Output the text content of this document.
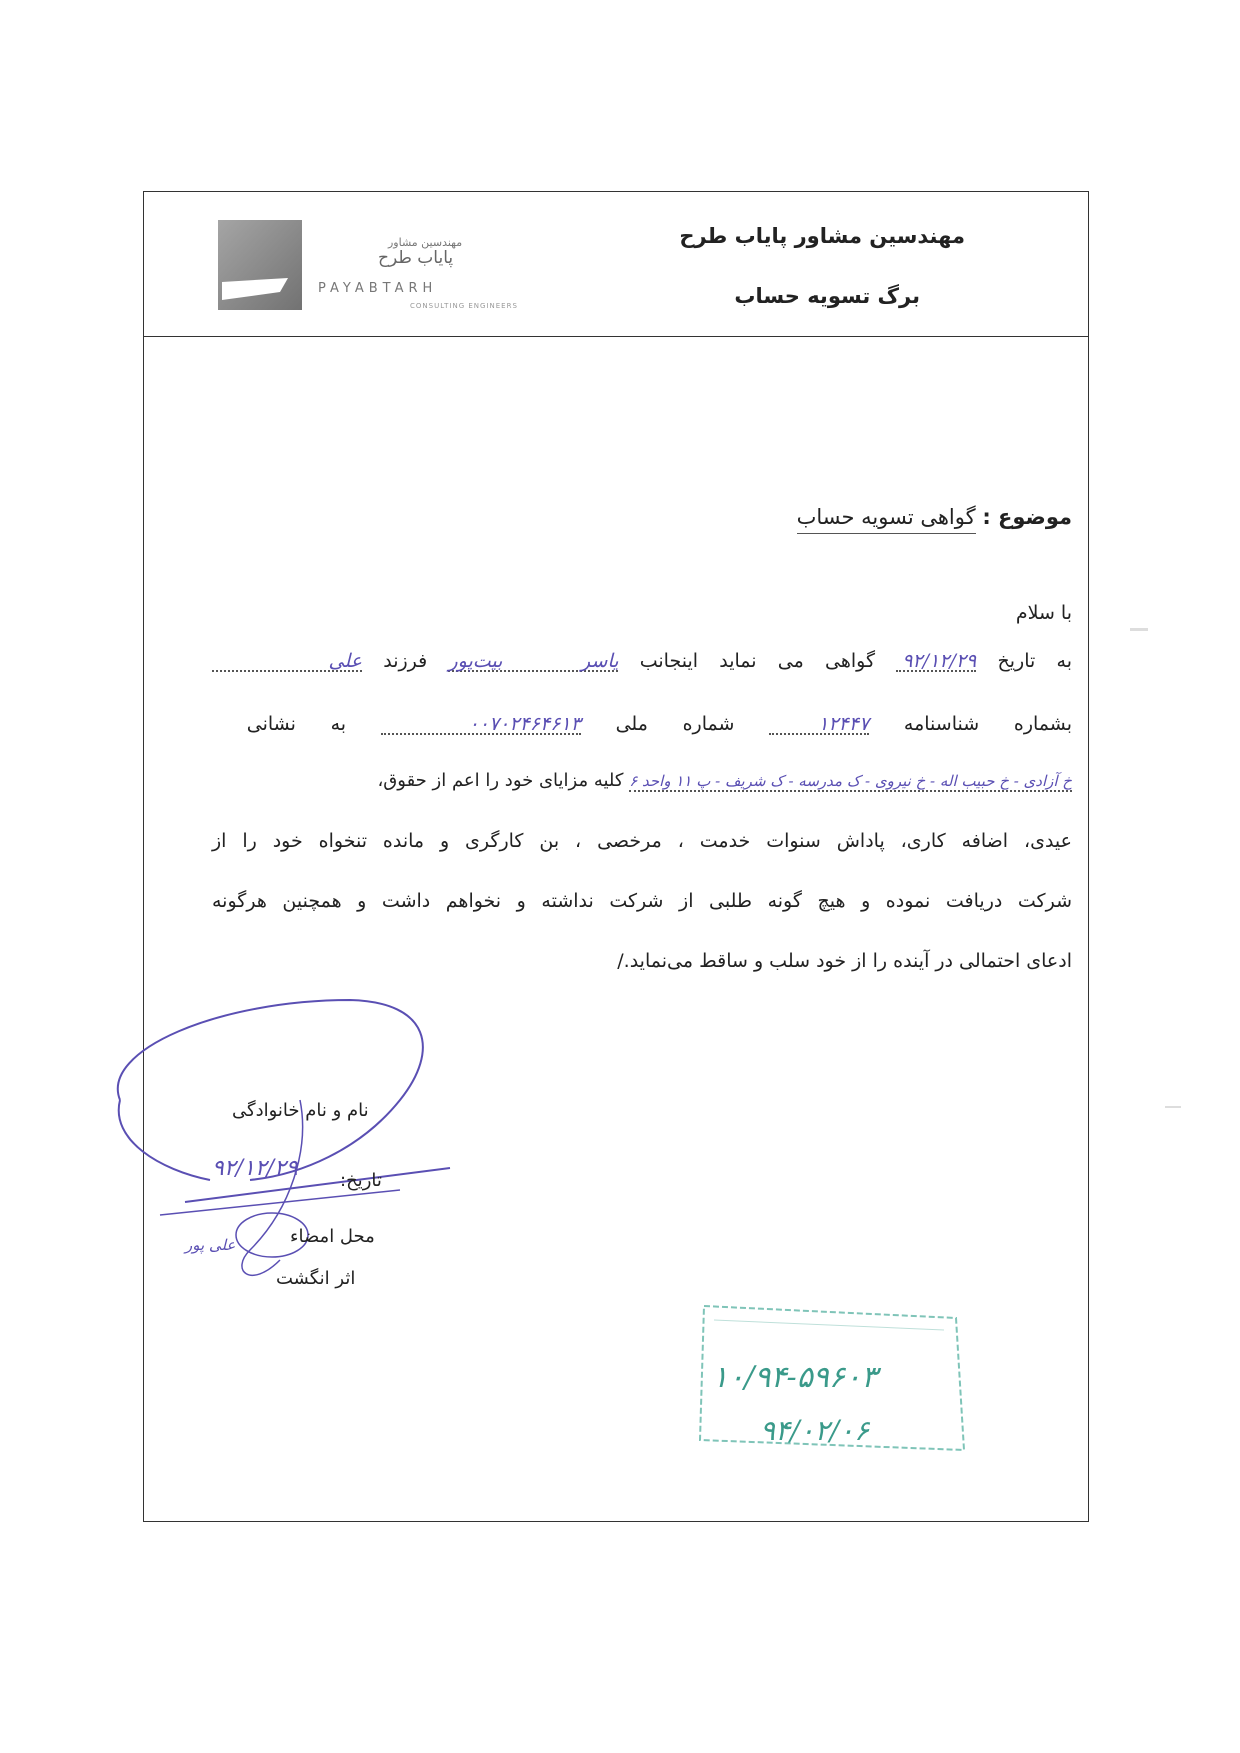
مهندسین مشاور پایاب طرح
برگ تسویه حساب
مهندسین مشاور
پایاب طرح
PAYABTARH
CONSULTING ENGINEERS
موضوع : گواهی تسویه حساب
با سلام
به تاریخ ۹۲/۱۲/۲۹ گواهی می نماید اینجانب یاسر بیت‌پور فرزند علی
بشماره شناسنامه ۱۲۴۴۷ شماره ملی ۰۰۷۰۲۴۶۴۶۱۳ به نشانی
خ آزادی - خ حبیب اله - خ نیروی - ک مدرسه - ک شریف - پ ۱۱ واحد ۶ کلیه مزایای خود را اعم از حقوق،
عیدی، اضافه کاری، پاداش سنوات خدمت ، مرخصی ، بن کارگری و مانده تنخواه خود را از
شرکت دریافت نموده و هیچ گونه طلبی از شرکت نداشته و نخواهم داشت و همچنین هرگونه
ادعای احتمالی در آینده را از خود سلب و ساقط می‌نماید./
نام و نام خانوادگی
۹۲/۱۲/۲۹ تاریخ:
محل امضاء
علی پور
اثر انگشت
۱۰/۹۴-۵۹۶۰۳
۹۴/۰۲/۰۶
